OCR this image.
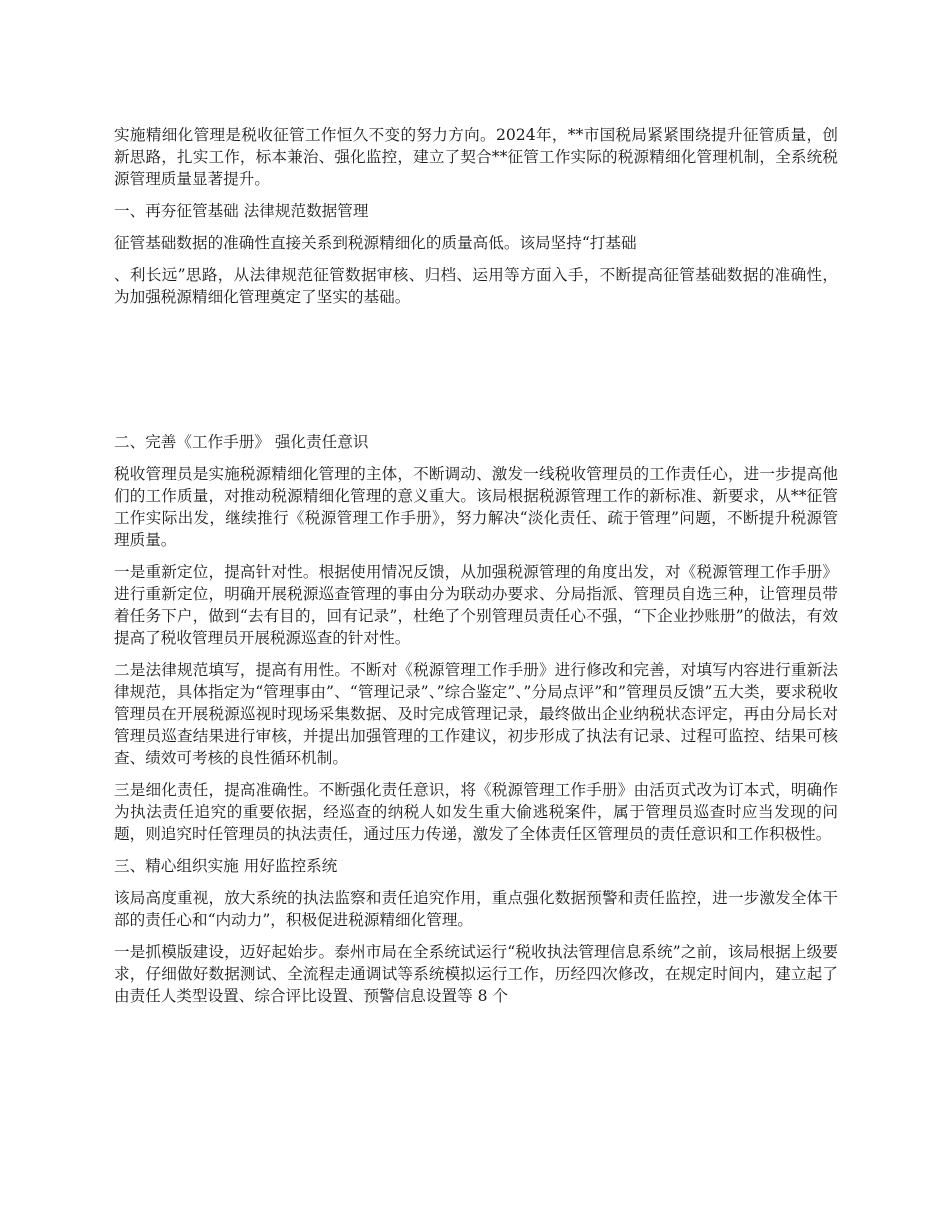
实施精细化管理是税收征管工作恒久不变的努力方向。2024年，**市国税局紧紧围绕提升征管质量，创新思路，扎实工作，标本兼治、强化监控，建立了契合**征管工作实际的税源精细化管理机制，全系统税源管理质量显著提升。

一、再夯征管基础 法律规范数据管理

征管基础数据的准确性直接关系到税源精细化的质量高低。该局坚持“打基础

、利长远”思路，从法律规范征管数据审核、归档、运用等方面入手，不断提高征管基础数据的准确性，为加强税源精细化管理奠定了坚实的基础。

二、完善《工作手册》 强化责任意识

税收管理员是实施税源精细化管理的主体，不断调动、激发一线税收管理员的工作责任心，进一步提高他们的工作质量，对推动税源精细化管理的意义重大。该局根据税源管理工作的新标准、新要求，从**征管工作实际出发，继续推行《税源管理工作手册》，努力解决“淡化责任、疏于管理”问题，不断提升税源管理质量。

一是重新定位，提高针对性。根据使用情况反馈，从加强税源管理的角度出发，对《税源管理工作手册》进行重新定位，明确开展税源巡查管理的事由分为联动办要求、分局指派、管理员自选三种，让管理员带着任务下户，做到“去有目的，回有记录”，杜绝了个别管理员责任心不强，“下企业抄账册”的做法，有效提高了税收管理员开展税源巡查的针对性。

二是法律规范填写，提高有用性。不断对《税源管理工作手册》进行修改和完善，对填写内容进行重新法律规范，具体指定为“管理事由”、“管理记录”、”综合鉴定”、”分局点评”和”管理员反馈”五大类，要求税收管理员在开展税源巡视时现场采集数据、及时完成管理记录，最终做出企业纳税状态评定，再由分局长对管理员巡查结果进行审核，并提出加强管理的工作建议，初步形成了执法有记录、过程可监控、结果可核查、绩效可考核的良性循环机制。

三是细化责任，提高准确性。不断强化责任意识，将《税源管理工作手册》由活页式改为订本式，明确作为执法责任追究的重要依据，经巡查的纳税人如发生重大偷逃税案件，属于管理员巡查时应当发现的问题，则追究时任管理员的执法责任，通过压力传递，激发了全体责任区管理员的责任意识和工作积极性。

三、精心组织实施 用好监控系统

该局高度重视，放大系统的执法监察和责任追究作用，重点强化数据预警和责任监控，进一步激发全体干部的责任心和“内动力”，积极促进税源精细化管理。

一是抓模版建设，迈好起始步。泰州市局在全系统试运行“税收执法管理信息系统”之前，该局根据上级要求，仔细做好数据测试、全流程走通调试等系统模拟运行工作，历经四次修改，在规定时间内，建立起了由责任人类型设置、综合评比设置、预警信息设置等 8 个
